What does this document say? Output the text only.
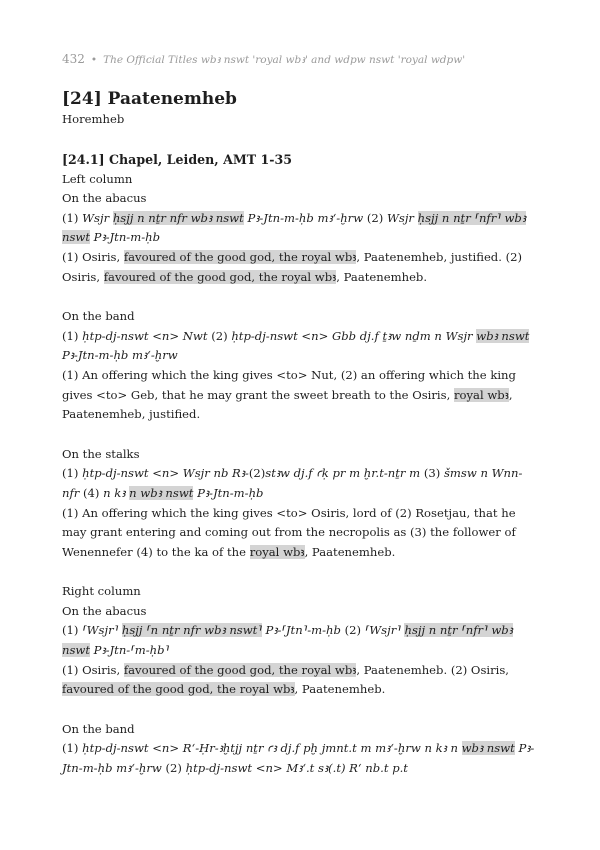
432 • The Official Titles wbꜣ nswt 'royal wbꜣ' and wdpw nswt 'royal wdpw'
[24] Paatenemheb

Horemheb

[24.1] Chapel, Leiden, AMT 1-35

Left column

On the abacus

(1) Wsjr ḥsjj n nṯr nfr wbꜣ nswt Pꜣ-Jtn-m-ḥb mꜣ‘-ḫrw (2) Wsjr ḥsjj n nṯr ⸢nfr⸣ wbꜣ nswt Pꜣ-Jtn-m-ḥb

(1) Osiris, favoured of the good god, the royal wbꜣ, Paatenemheb, justified. (2) Osiris, favoured of the good god, the royal wbꜣ, Paatenemheb.

On the band

(1) ḥtp-dj-nswt <n> Nwt (2) ḥtp-dj-nswt <n> Gbb dj.f ṯꜣw nḏm n Wsjr wbꜣ nswt Pꜣ-Jtn-m-ḥb mꜣ‘-ḫrw

(1) An offering which the king gives <to> Nut, (2) an offering which the king gives <to> Geb, that he may grant the sweet breath to the Osiris, royal wbꜣ, Paatenemheb, justified.

On the stalks

(1) ḥtp-dj-nswt <n> Wsjr nb Rꜣ-(2)stꜣw dj.f ꜥḳ pr m ḫr.t-nṯr m (3) šmsw n Wnn-nfr (4) n kꜣ n wbꜣ nswt Pꜣ-Jtn-m-ḥb

(1) An offering which the king gives <to> Osiris, lord of (2) Rosetjau, that he may grant entering and coming out from the necropolis as (3) the follower of Wenennefer (4) to the ka of the royal wbꜣ, Paatenemheb.

Right column

On the abacus

(1) ⸢Wsjr⸣ ḥsjj ⸢n nṯr nfr wbꜣ nswt⸣ Pꜣ-⸢Jtn⸣-m-ḥb (2) ⸢Wsjr⸣ ḥsjj n nṯr ⸢nfr⸣ wbꜣ nswt Pꜣ-Jtn-⸢m-ḥb⸣

(1) Osiris, favoured of the good god, the royal wbꜣ, Paatenemheb. (2) Osiris, favoured of the good god, the royal wbꜣ, Paatenemheb.

On the band

(1) ḥtp-dj-nswt <n> R‘-Ḥr-ꜣḫtjj nṯr ꜥꜣ dj.f pḫ jmnt.t m mꜣ‘-ḫrw n kꜣ n wbꜣ nswt Pꜣ-Jtn-m-ḥb mꜣ‘-ḫrw (2) ḥtp-dj-nswt <n> Mꜣ‘.t sꜣ(.t) R‘ nb.t p.t
